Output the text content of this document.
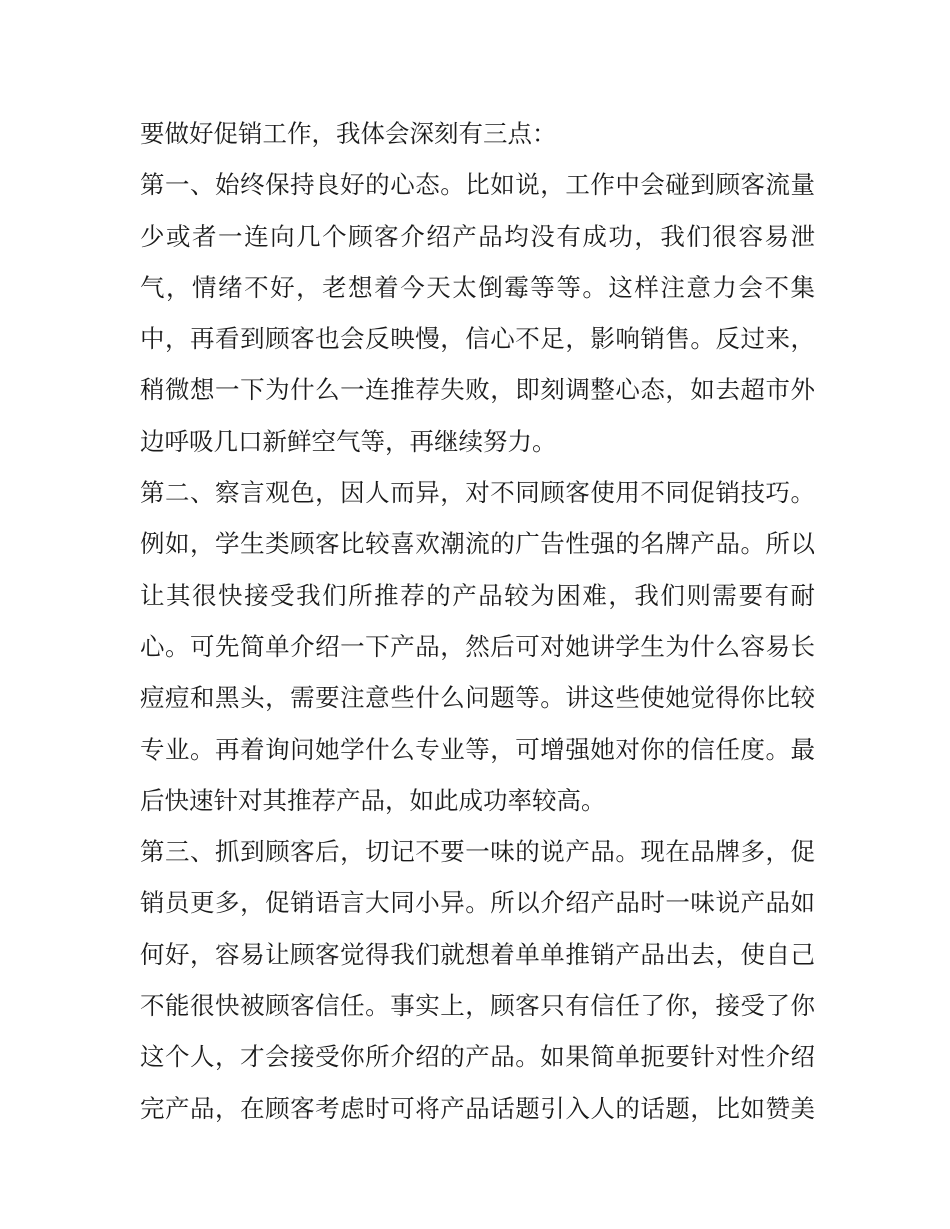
要做好促销工作，我体会深刻有三点：
第一、始终保持良好的心态。比如说，工作中会碰到顾客流量
少或者一连向几个顾客介绍产品均没有成功，我们很容易泄
气，情绪不好，老想着今天太倒霉等等。这样注意力会不集
中，再看到顾客也会反映慢，信心不足，影响销售。反过来，
稍微想一下为什么一连推荐失败，即刻调整心态，如去超市外
边呼吸几口新鲜空气等，再继续努力。
第二、察言观色，因人而异，对不同顾客使用不同促销技巧。
例如，学生类顾客比较喜欢潮流的广告性强的名牌产品。所以
让其很快接受我们所推荐的产品较为困难，我们则需要有耐
心。可先简单介绍一下产品，然后可对她讲学生为什么容易长
痘痘和黑头，需要注意些什么问题等。讲这些使她觉得你比较
专业。再着询问她学什么专业等，可增强她对你的信任度。最
后快速针对其推荐产品，如此成功率较高。
第三、抓到顾客后，切记不要一味的说产品。现在品牌多，促
销员更多，促销语言大同小异。所以介绍产品时一味说产品如
何好，容易让顾客觉得我们就想着单单推销产品出去，使自己
不能很快被顾客信任。事实上，顾客只有信任了你，接受了你
这个人，才会接受你所介绍的产品。如果简单扼要针对性介绍
完产品，在顾客考虑时可将产品话题引入人的话题，比如赞美
